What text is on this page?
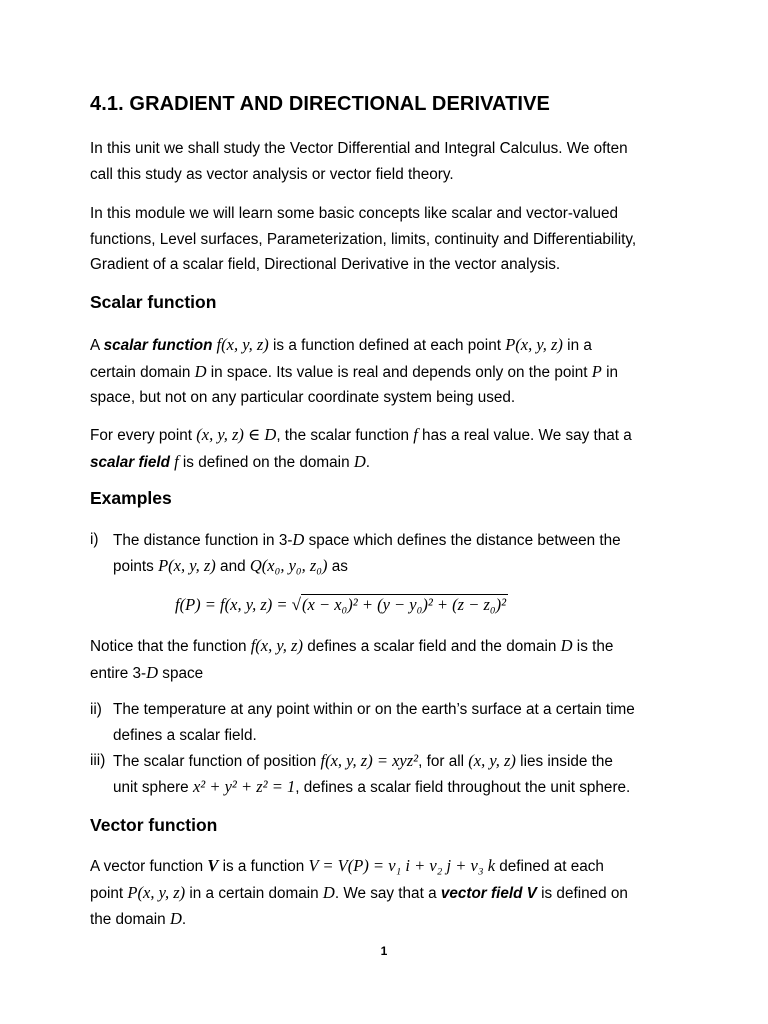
4.1. GRADIENT AND DIRECTIONAL DERIVATIVE
In this unit we shall study the Vector Differential and Integral Calculus. We often
call this study as vector analysis or vector field theory.
In this module we will learn some basic concepts like scalar and vector-valued
functions, Level surfaces, Parameterization, limits, continuity and Differentiability,
Gradient of a scalar field, Directional Derivative in the vector analysis.
Scalar function
A scalar function f(x, y, z) is a function defined at each point P(x, y, z) in a
certain domain D in space. Its value is real and depends only on the point P in
space, but not on any particular coordinate system being used.
For every point (x, y, z) ∈ D, the scalar function f has a real value. We say that a
scalar field f is defined on the domain D.
Examples
i) The distance function in 3-D space which defines the distance between the
points P(x, y, z) and Q(x₀, y₀, z₀) as
f(P) = f(x, y, z) = √(x − x₀)² + (y − y₀)² + (z − z₀)²
Notice that the function f(x, y, z) defines a scalar field and the domain D is the
entire 3-D space
ii) The temperature at any point within or on the earth’s surface at a certain time
defines a scalar field.
iii) The scalar function of position f(x, y, z) = xyz², for all (x, y, z) lies inside the
unit sphere x² + y² + z² = 1, defines a scalar field throughout the unit sphere.
Vector function
A vector function V is a function V = V(P) = v₁ i + v₂ j + v₃ k defined at each
point P(x, y, z) in a certain domain D. We say that a vector field V is defined on
the domain D.
1
